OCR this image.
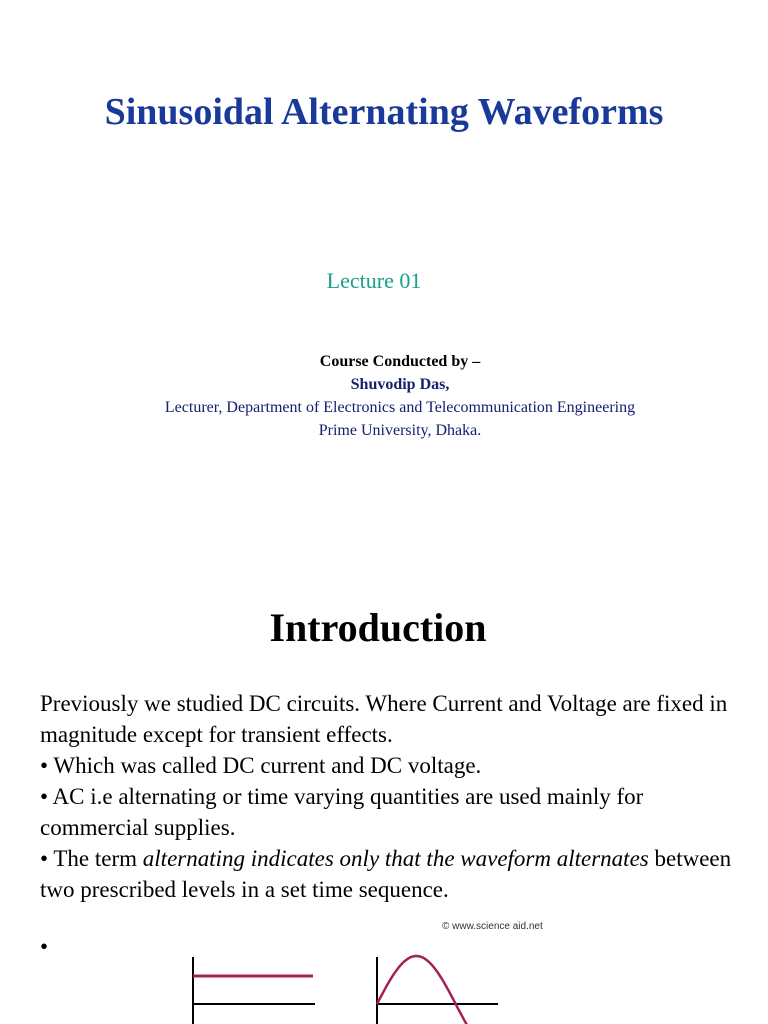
Sinusoidal Alternating Waveforms
Lecture 01
Course Conducted by –
Shuvodip Das,
Lecturer, Department of Electronics and Telecommunication Engineering
Prime University, Dhaka.
Introduction

Previously we studied DC circuits. Where Current and Voltage are fixed in magnitude except for transient effects.

• Which was called DC current and DC voltage.

• AC i.e alternating or time varying quantities are used mainly for commercial supplies.

• The term alternating indicates only that the waveform alternates between two prescribed levels in a set time sequence.

© www.science aid.net
•
